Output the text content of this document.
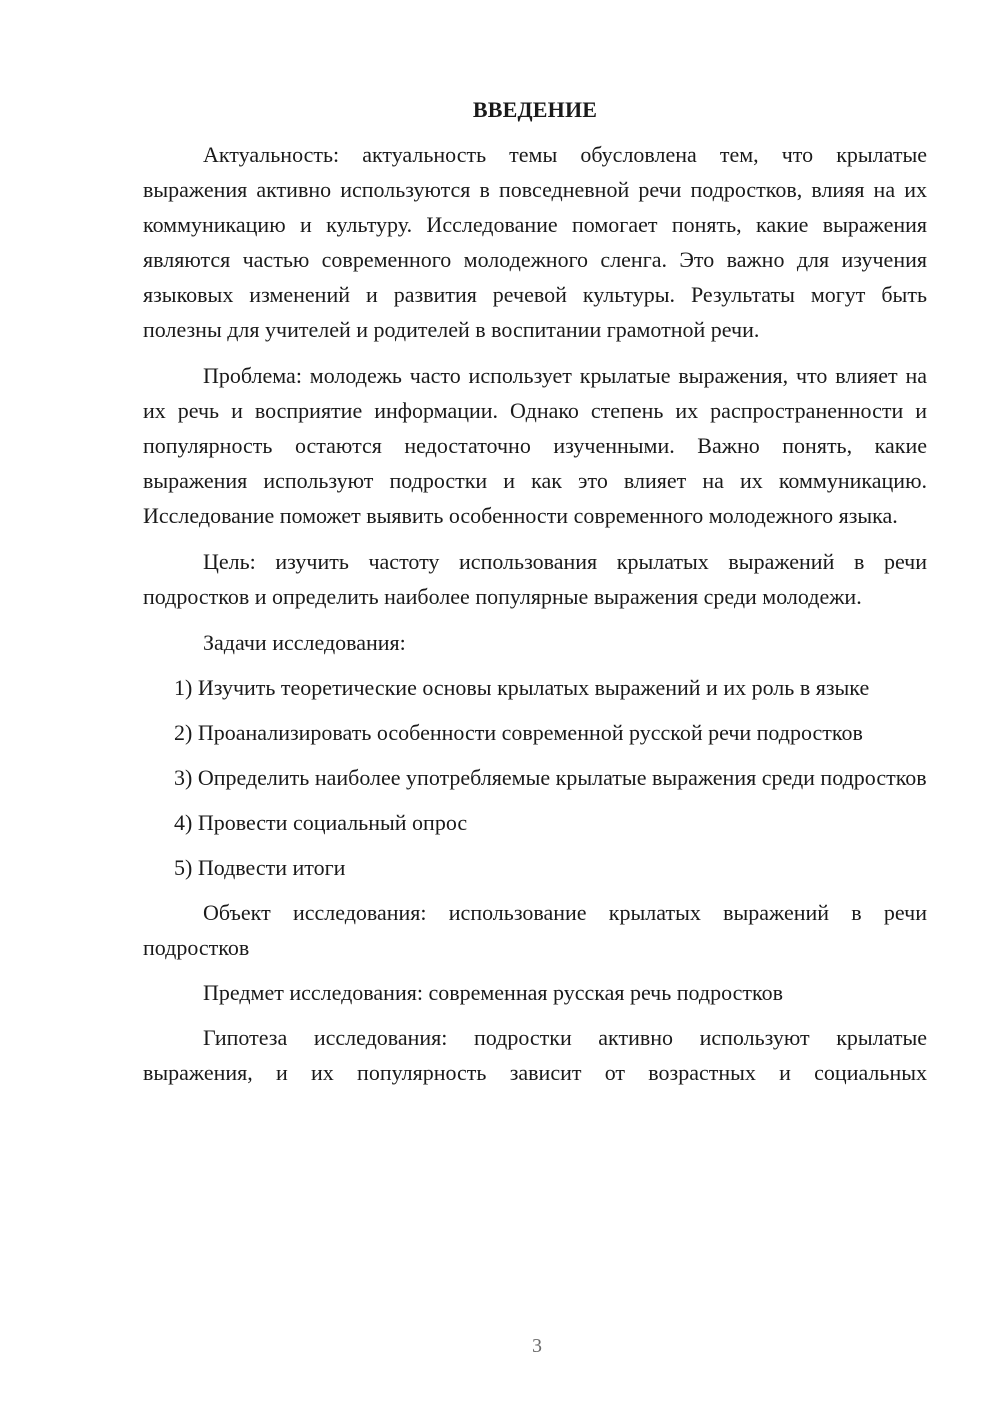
ВВЕДЕНИЕ

Актуальность: актуальность темы обусловлена тем, что крылатые выражения активно используются в повседневной речи подростков, влияя на их коммуникацию и культуру. Исследование помогает понять, какие выражения являются частью современного молодежного сленга. Это важно для изучения языковых изменений и развития речевой культуры. Результаты могут быть полезны для учителей и родителей в воспитании грамотной речи.

Проблема: молодежь часто использует крылатые выражения, что влияет на их речь и восприятие информации. Однако степень их распространенности и популярность остаются недостаточно изученными. Важно понять, какие выражения используют подростки и как это влияет на их коммуникацию. Исследование поможет выявить особенности современного молодежного языка.

Цель: изучить частоту использования крылатых выражений в речи подростков и определить наиболее популярные выражения среди молодежи.

Задачи исследования:

1) Изучить теоретические основы крылатых выражений и их роль в языке

2) Проанализировать особенности современной русской речи подростков

3) Определить наиболее употребляемые крылатые выражения среди подростков

4) Провести социальный опрос

5) Подвести итоги

Объект исследования: использование крылатых выражений в речи подростков

Предмет исследования: современная русская речь подростков

Гипотеза исследования: подростки активно используют крылатые выражения, и их популярность зависит от возрастных и социальных

3
